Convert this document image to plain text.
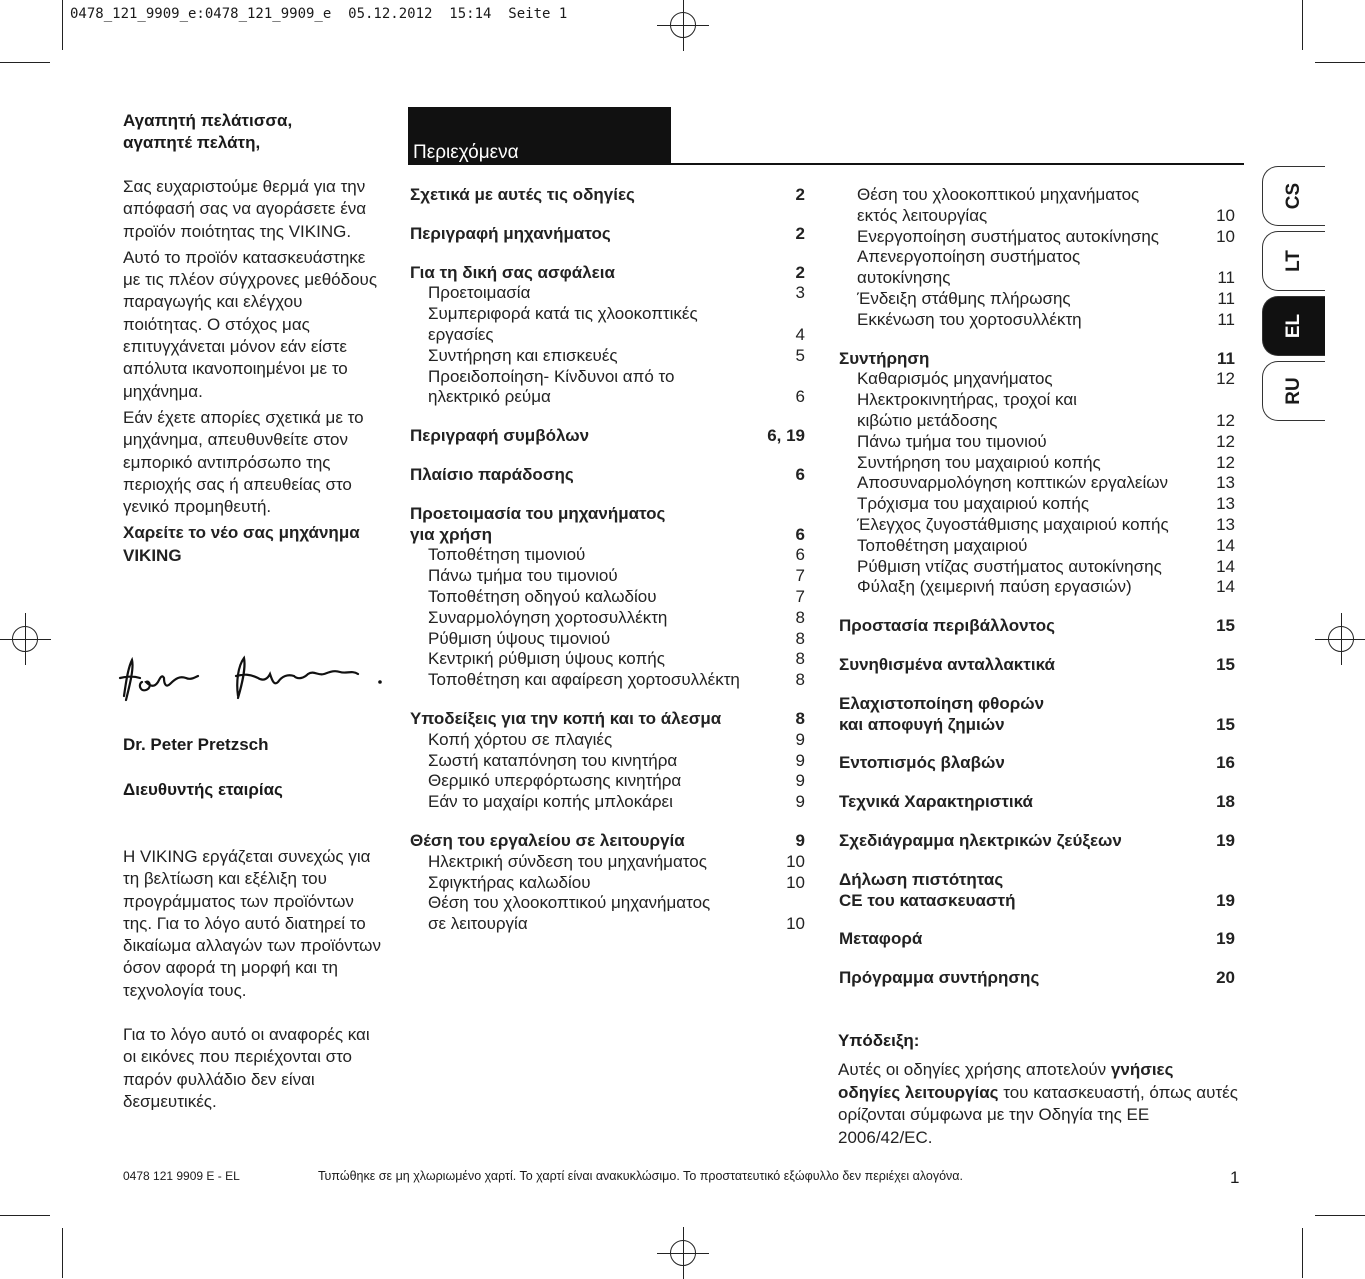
0478_121_9909_e:0478_121_9909_e  05.12.2012  15:14  Seite 1
Αγαπητή πελάτισσα,
αγαπητέ πελάτη,

Σας ευχαριστούμε θερμά για την απόφασή σας να αγοράσετε ένα προϊόν ποιότητας της VIKING.

Αυτό το προϊόν κατασκευάστηκε με τις πλέον σύγχρονες μεθόδους παραγωγής και ελέγχου ποιότητας. Ο στόχος μας επιτυγχάνεται μόνον εάν είστε απόλυτα ικανοποιημένοι με το μηχάνημα.

Εάν έχετε απορίες σχετικά με το μηχάνημα, απευθυνθείτε στον εμπορικό αντιπρόσωπο της περιοχής σας ή απευθείας στο γενικό προμηθευτή.

Χαρείτε το νέο σας μηχάνημα VIKING

Dr. Peter Pretzsch
Διευθυντής εταιρίας

Η VIKING εργάζεται συνεχώς για τη βελτίωση και εξέλιξη του προγράμματος των προϊόντων της. Για το λόγο αυτό διατηρεί το δικαίωμα αλλαγών των προϊόντων όσον αφορά τη μορφή και τη τεχνολογία τους.

Για το λόγο αυτό οι αναφορές και οι εικόνες που περιέχονται στο παρόν φυλλάδιο δεν είναι δεσμευτικές.

Περιεχόμενα
Σχετικά με αυτές τις οδηγίες	2
Περιγραφή μηχανήματος	2
Για τη δική σας ασφάλεια	2
Προετοιμασία	3
Συμπεριφορά κατά τις χλοοκοπτικές
εργασίες	4
Συντήρηση και επισκευές	5
Προειδοποίηση- Κίνδυνοι από το
ηλεκτρικό ρεύμα	6
Περιγραφή συμβόλων	6, 19
Πλαίσιο παράδοσης	6
Προετοιμασία του μηχανήματος
για χρήση	6
Τοποθέτηση τιμονιού	6
Πάνω τμήμα του τιμονιού	7
Τοποθέτηση οδηγού καλωδίου	7
Συναρμολόγηση χορτοσυλλέκτη	8
Ρύθμιση ύψους τιμονιού	8
Κεντρική ρύθμιση ύψους κοπής	8
Τοποθέτηση και αφαίρεση χορτοσυλλέκτη	8
Υποδείξεις για την κοπή και το άλεσμα	8
Κοπή χόρτου σε πλαγιές	9
Σωστή καταπόνηση του κινητήρα	9
Θερμικό υπερφόρτωσης κινητήρα	9
Εάν το μαχαίρι κοπής μπλοκάρει	9
Θέση του εργαλείου σε λειτουργία	9
Ηλεκτρική σύνδεση του μηχανήματος	10
Σφιγκτήρας καλωδίου	10
Θέση του χλοοκοπτικού μηχανήματος
σε λειτουργία	10
Θέση του χλοοκοπτικού μηχανήματος
εκτός λειτουργίας	10
Ενεργοποίηση συστήματος αυτοκίνησης	10
Απενεργοποίηση συστήματος
αυτοκίνησης	11
Ένδειξη στάθμης πλήρωσης	11
Εκκένωση του χορτοσυλλέκτη	11
Συντήρηση	11
Καθαρισμός μηχανήματος	12
Ηλεκτροκινητήρας, τροχοί και
κιβώτιο μετάδοσης	12
Πάνω τμήμα του τιμονιού	12
Συντήρηση του μαχαιριού κοπής	12
Αποσυναρμολόγηση κοπτικών εργαλείων	13
Τρόχισμα του μαχαιριού κοπής	13
Έλεγχος ζυγοστάθμισης μαχαιριού κοπής	13
Τοποθέτηση μαχαιριού	14
Ρύθμιση ντίζας συστήματος αυτοκίνησης	14
Φύλαξη (χειμερινή παύση εργασιών)	14
Προστασία περιβάλλοντος	15
Συνηθισμένα ανταλλακτικά	15
Ελαχιστοποίηση φθορών
και αποφυγή ζημιών	15
Εντοπισμός βλαβών	16
Τεχνικά Χαρακτηριστικά	18
Σχεδιάγραμμα ηλεκτρικών ζεύξεων	19
Δήλωση πιστότητας
CE του κατασκευαστή	19
Μεταφορά	19
Πρόγραμμα συντήρησης	20
CS
LT
EL
RU
Υπόδειξη:
Αυτές οι οδηγίες χρήσης αποτελούν γνήσιες οδηγίες λειτουργίας του κατασκευαστή, όπως αυτές ορίζονται σύμφωνα με την Οδηγία της ΕΕ 2006/42/EC.
0478 121 9909 E - EL	Τυπώθηκε σε μη χλωριωμένο χαρτί. Το χαρτί είναι ανακυκλώσιμο. Το προστατευτικό εξώφυλλο δεν περιέχει αλογόνα.	1
